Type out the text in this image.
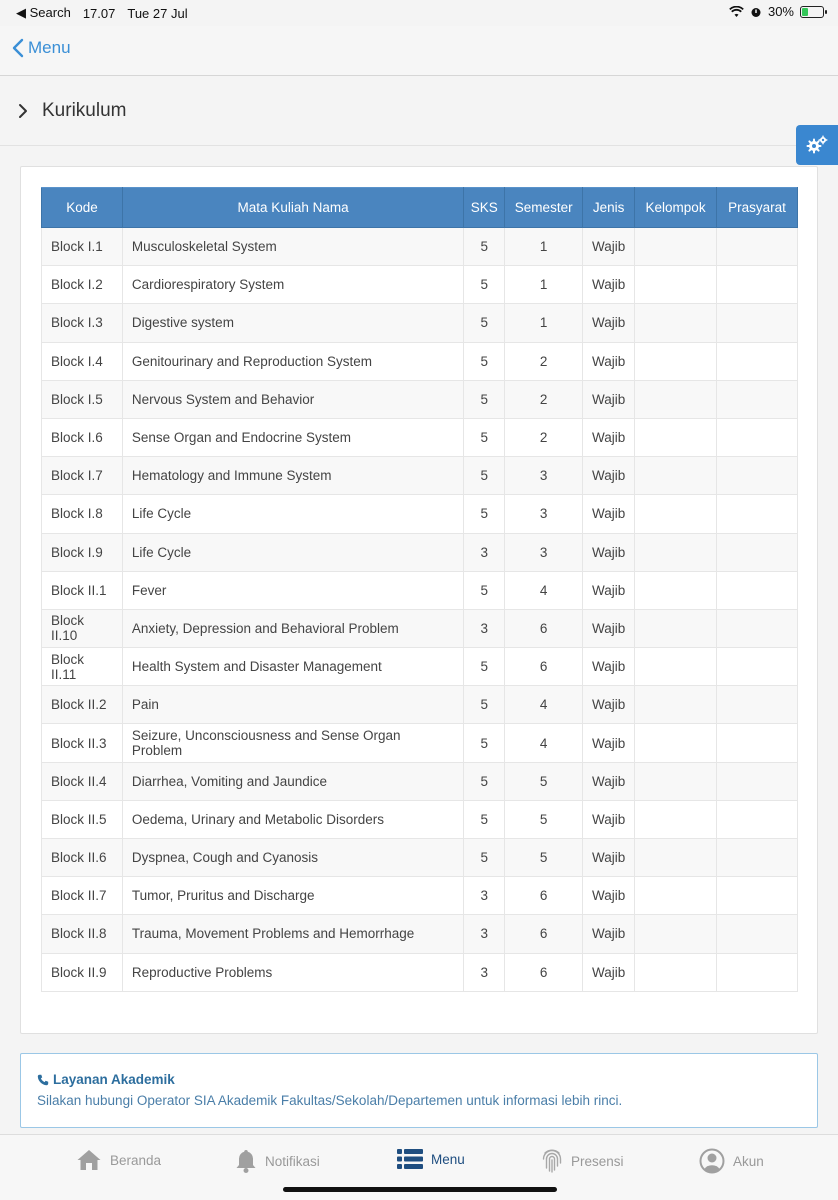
◀ Search 17.07 Tue 27 Jul	30%
Menu
Kurikulum
Kode	Mata Kuliah Nama	SKS	Semester	Jenis	Kelompok	Prasyarat
Block I.1	Musculoskeletal System	5	1	Wajib		
Block I.2	Cardiorespiratory System	5	1	Wajib		
Block I.3	Digestive system	5	1	Wajib		
Block I.4	Genitourinary and Reproduction System	5	2	Wajib		
Block I.5	Nervous System and Behavior	5	2	Wajib		
Block I.6	Sense Organ and Endocrine System	5	2	Wajib		
Block I.7	Hematology and Immune System	5	3	Wajib		
Block I.8	Life Cycle	5	3	Wajib		
Block I.9	Life Cycle	3	3	Wajib		
Block II.1	Fever	5	4	Wajib		
Block II.10	Anxiety, Depression and Behavioral Problem	3	6	Wajib		
Block II.11	Health System and Disaster Management	5	6	Wajib		
Block II.2	Pain	5	4	Wajib		
Block II.3	Seizure, Unconsciousness and Sense Organ Problem	5	4	Wajib		
Block II.4	Diarrhea, Vomiting and Jaundice	5	5	Wajib		
Block II.5	Oedema, Urinary and Metabolic Disorders	5	5	Wajib		
Block II.6	Dyspnea, Cough and Cyanosis	5	5	Wajib		
Block II.7	Tumor, Pruritus and Discharge	3	6	Wajib		
Block II.8	Trauma, Movement Problems and Hemorrhage	3	6	Wajib		
Block II.9	Reproductive Problems	3	6	Wajib		
Layanan Akademik
Silakan hubungi Operator SIA Akademik Fakultas/Sekolah/Departemen untuk informasi lebih rinci.
Beranda	Notifikasi	Menu	Presensi	Akun
